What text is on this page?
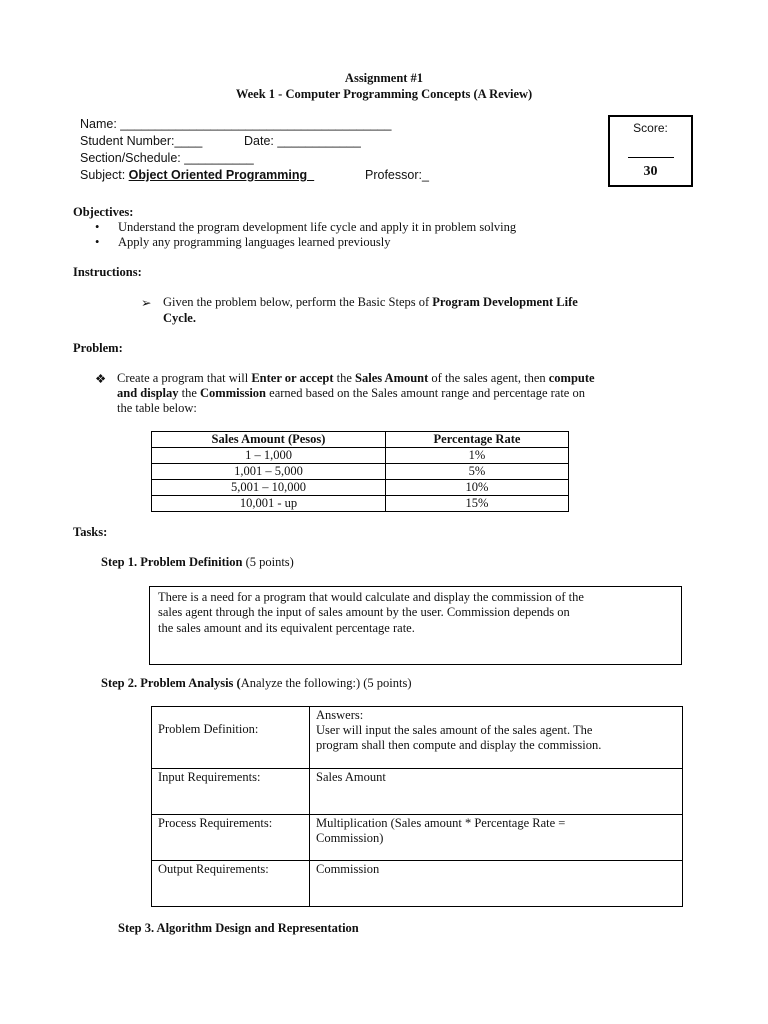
Assignment #1
Week 1 - Computer Programming Concepts (A Review)
Name: _______________________________________
Student Number:____	Date: ____________
Section/Schedule: __________
Subject: Object Oriented Programming_	Professor:_
Score:
30
Objectives:
• Understand the program development life cycle and apply it in problem solving
• Apply any programming languages learned previously
Instructions:
➢ Given the problem below, perform the Basic Steps of Program Development Life
Cycle.
Problem:
❖ Create a program that will Enter or accept the Sales Amount of the sales agent, then compute
and display the Commission earned based on the Sales amount range and percentage rate on
the table below:
Sales Amount (Pesos)	Percentage Rate
1 – 1,000	1%
1,001 – 5,000	5%
5,001 – 10,000	10%
10,001 - up	15%
Tasks:
Step 1. Problem Definition (5 points)
There is a need for a program that would calculate and display the commission of the
sales agent through the input of sales amount by the user. Commission depends on
the sales amount and its equivalent percentage rate.
Step 2. Problem Analysis (Analyze the following:) (5 points)
Problem Definition:	Answers:
User will input the sales amount of the sales agent. The
program shall then compute and display the commission.

Input Requirements:	Sales Amount

Process Requirements:	Multiplication (Sales amount * Percentage Rate =
Commission)

Output Requirements:	Commission
Step 3. Algorithm Design and Representation
